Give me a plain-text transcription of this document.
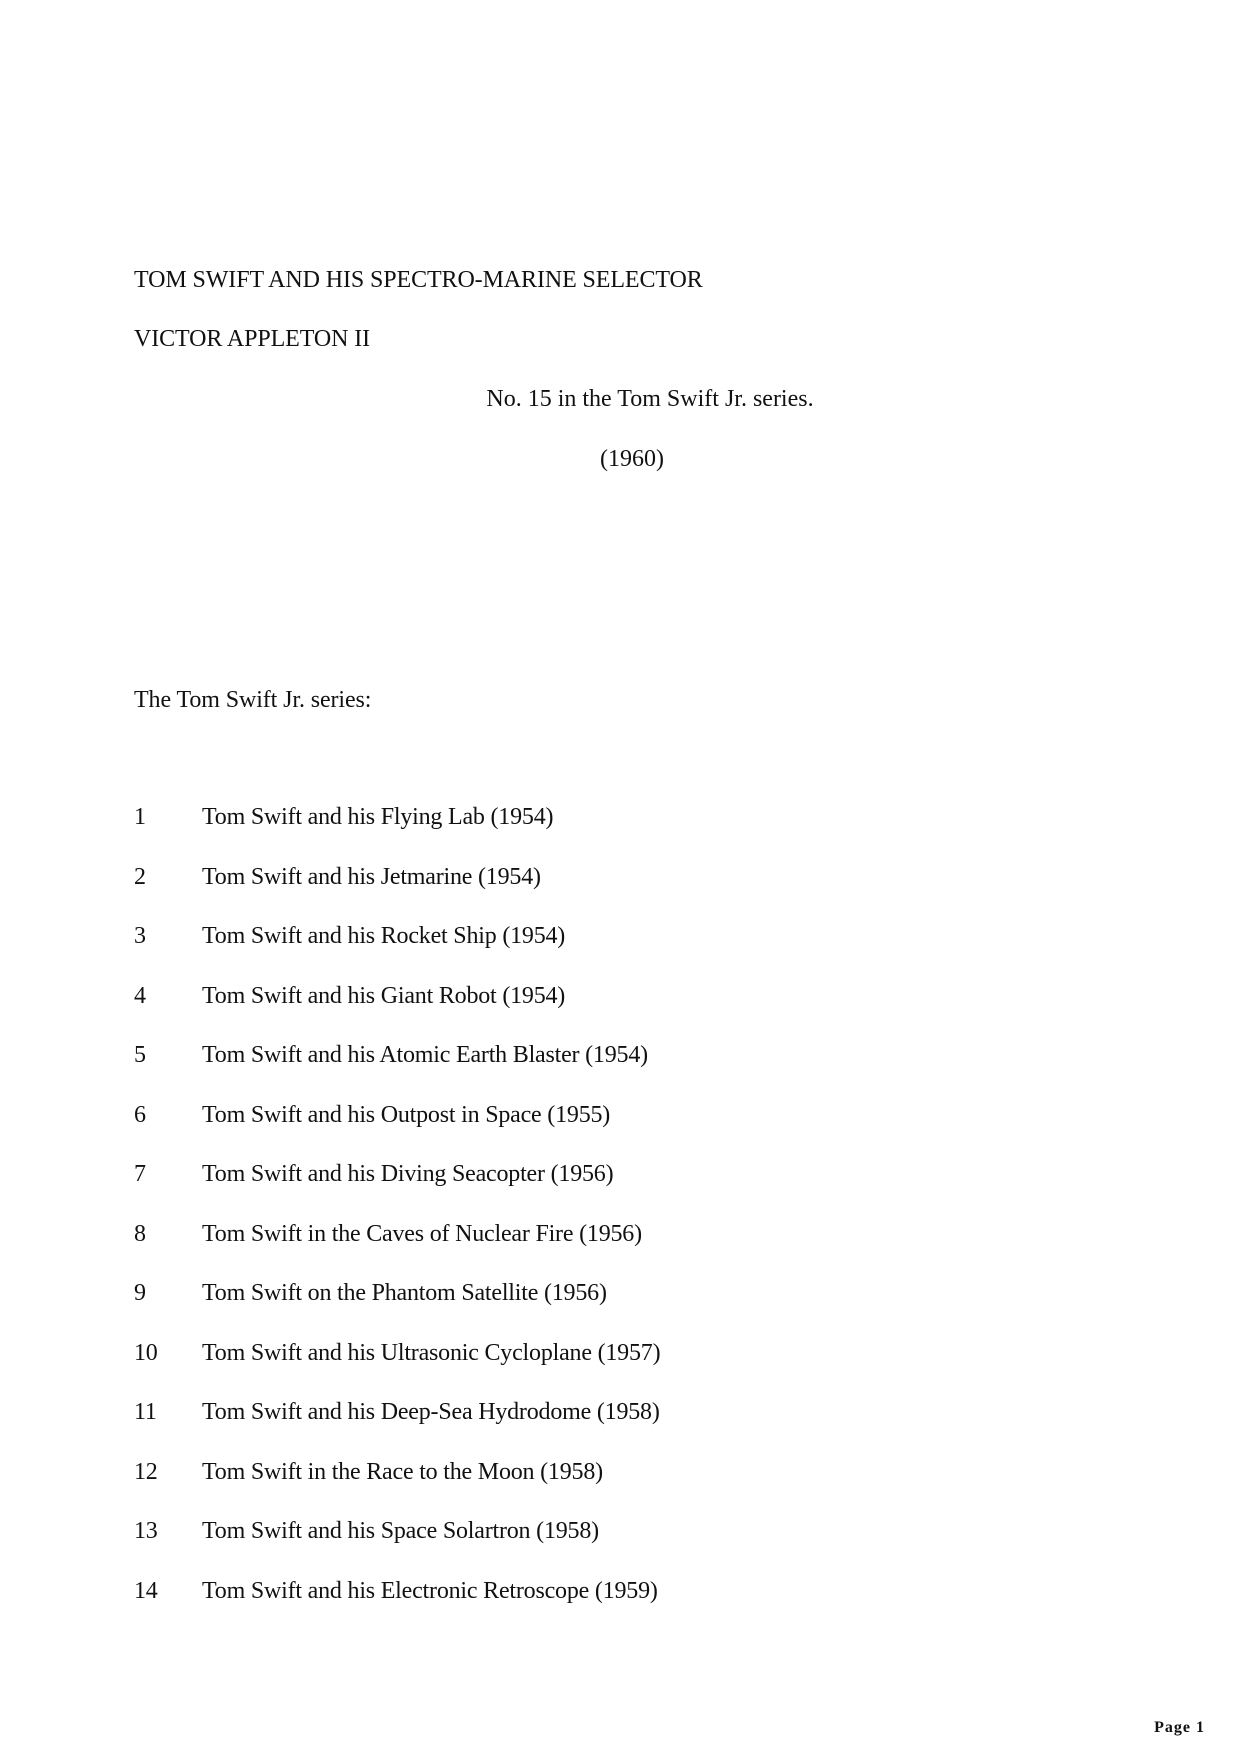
TOM SWIFT AND HIS SPECTRO-MARINE SELECTOR
VICTOR APPLETON II
No. 15 in the Tom Swift Jr. series.
(1960)
The Tom Swift Jr. series:
1 Tom Swift and his Flying Lab (1954)
2 Tom Swift and his Jetmarine (1954)
3 Tom Swift and his Rocket Ship (1954)
4 Tom Swift and his Giant Robot (1954)
5 Tom Swift and his Atomic Earth Blaster (1954)
6 Tom Swift and his Outpost in Space (1955)
7 Tom Swift and his Diving Seacopter (1956)
8 Tom Swift in the Caves of Nuclear Fire (1956)
9 Tom Swift on the Phantom Satellite (1956)
10 Tom Swift and his Ultrasonic Cycloplane (1957)
11 Tom Swift and his Deep-Sea Hydrodome (1958)
12 Tom Swift in the Race to the Moon (1958)
13 Tom Swift and his Space Solartron (1958)
14 Tom Swift and his Electronic Retroscope (1959)
Page 1
